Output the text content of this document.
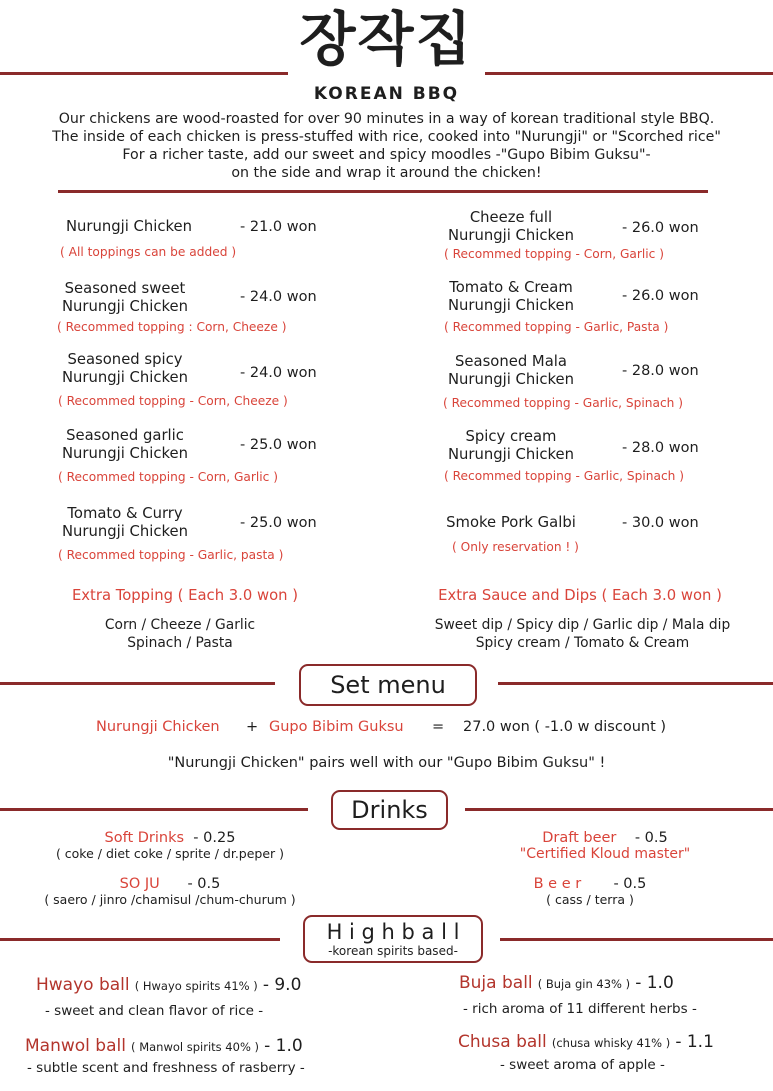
장작집
KOREAN BBQ
Our chickens are wood-roasted for over 90 minutes in a way of korean traditional style BBQ.
The inside of each chicken is press-stuffed with rice, cooked into "Nurungji" or "Scorched rice"
For a richer taste, add our sweet and spicy moodles -"Gupo Bibim Guksu"-
on the side and wrap it around the chicken!
Nurungji Chicken	- 21.0 won
( All toppings can be added )
Seasoned sweet
Nurungji Chicken
- 24.0 won
( Recommed topping : Corn, Cheeze )
Seasoned spicy
Nurungji Chicken	- 24.0 won
( Recommed topping - Corn, Cheeze )
Seasoned garlic
Nurungji Chicken	- 25.0 won
( Recommed topping - Corn, Garlic )
Tomato & Curry
Nurungji Chicken	- 25.0 won
( Recommed topping - Garlic, pasta )
Cheeze full
Nurungji Chicken	- 26.0 won
( Recommed topping - Corn, Garlic )
Tomato & Cream
Nurungji Chicken
- 26.0 won
( Recommed topping - Garlic, Pasta )
Seasoned Mala
Nurungji Chicken	- 28.0 won
( Recommed topping - Garlic, Spinach )
Spicy cream
Nurungji Chicken	- 28.0 won
( Recommed topping - Garlic, Spinach )
Smoke Pork Galbi	- 30.0 won
( Only reservation ! )
Extra Topping ( Each 3.0 won )
Corn / Cheeze / Garlic
Spinach / Pasta
Extra Sauce and Dips ( Each 3.0 won )
Sweet dip / Spicy dip / Garlic dip / Mala dip
Spicy cream / Tomato & Cream
Set menu
Nurungji Chicken + Gupo Bibim Guksu = 27.0 won ( -1.0 w discount )
"Nurungji Chicken" pairs well with our "Gupo Bibim Guksu" !
Drinks
Soft Drinks - 0.25
( coke / diet coke / sprite / dr.peper )
SO JU - 0.5
( saero / jinro /chamisul /chum-churum )
Draft beer - 0.5
"Certified Kloud master"
B e e r - 0.5
( cass / terra )
H i g h b a l l
-korean spirits based-
Hwayo ball ( Hwayo spirits 41% ) - 9.0
- sweet and clean flavor of rice -
Buja ball ( Buja gin 43% ) - 1.0
- rich aroma of 11 different herbs -
Manwol ball ( Manwol spirits 40% ) - 1.0
- subtle scent and freshness of rasberry -
Chusa ball (chusa whisky 41% ) - 1.1
- sweet aroma of apple -
